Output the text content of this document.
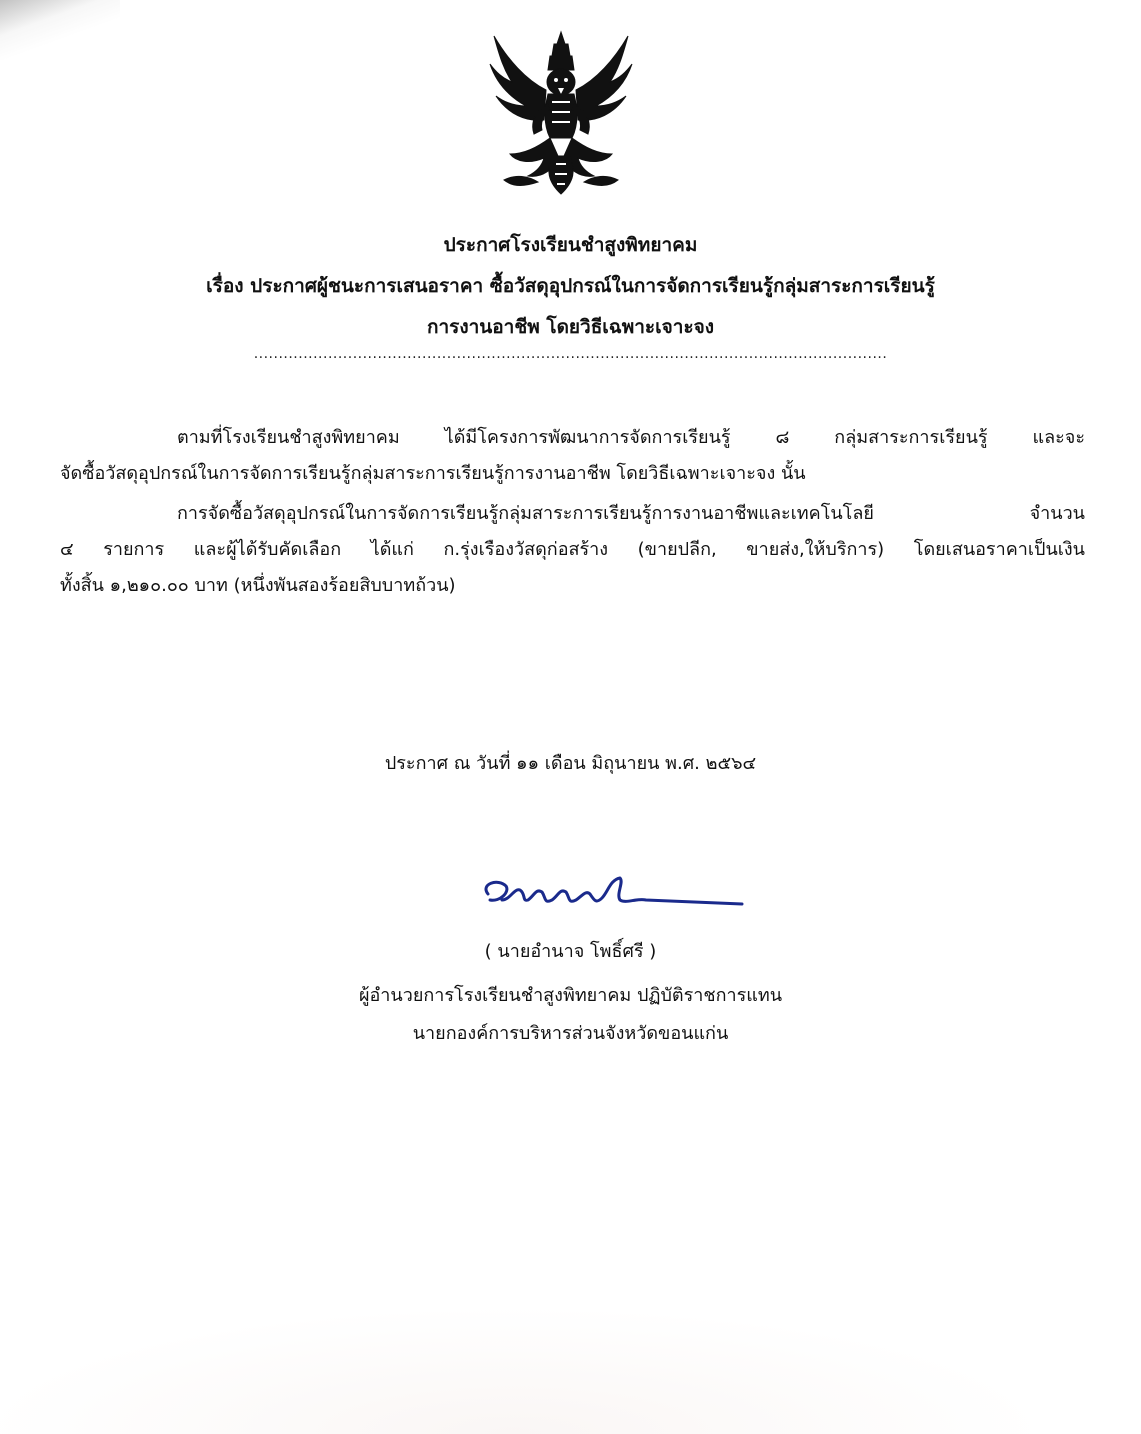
ประกาศโรงเรียนชำสูงพิทยาคม
เรื่อง ประกาศผู้ชนะการเสนอราคา ซื้อวัสดุอุปกรณ์ในการจัดการเรียนรู้กลุ่มสาระการเรียนรู้
การงานอาชีพ โดยวิธีเฉพาะเจาะจง
................................................................................................................................
ตามที่โรงเรียนชำสูงพิทยาคม ได้มีโครงการพัฒนาการจัดการเรียนรู้ ๘ กลุ่มสาระการเรียนรู้ และจะ
จัดซื้อวัสดุอุปกรณ์ในการจัดการเรียนรู้กลุ่มสาระการเรียนรู้การงานอาชีพ โดยวิธีเฉพาะเจาะจง นั้น
การจัดซื้อวัสดุอุปกรณ์ในการจัดการเรียนรู้กลุ่มสาระการเรียนรู้การงานอาชีพและเทคโนโลยี จำนวน
๔ รายการ และผู้ได้รับคัดเลือก ได้แก่ ก.รุ่งเรืองวัสดุก่อสร้าง (ขายปลีก, ขายส่ง,ให้บริการ) โดยเสนอราคาเป็นเงิน
ทั้งสิ้น ๑,๒๑๐.๐๐ บาท (หนึ่งพันสองร้อยสิบบาทถ้วน)
ประกาศ ณ วันที่ ๑๑ เดือน มิถุนายน พ.ศ. ๒๕๖๔
( นายอำนาจ โพธิ์ศรี )
ผู้อำนวยการโรงเรียนชำสูงพิทยาคม ปฏิบัติราชการแทน
นายกองค์การบริหารส่วนจังหวัดขอนแก่น
